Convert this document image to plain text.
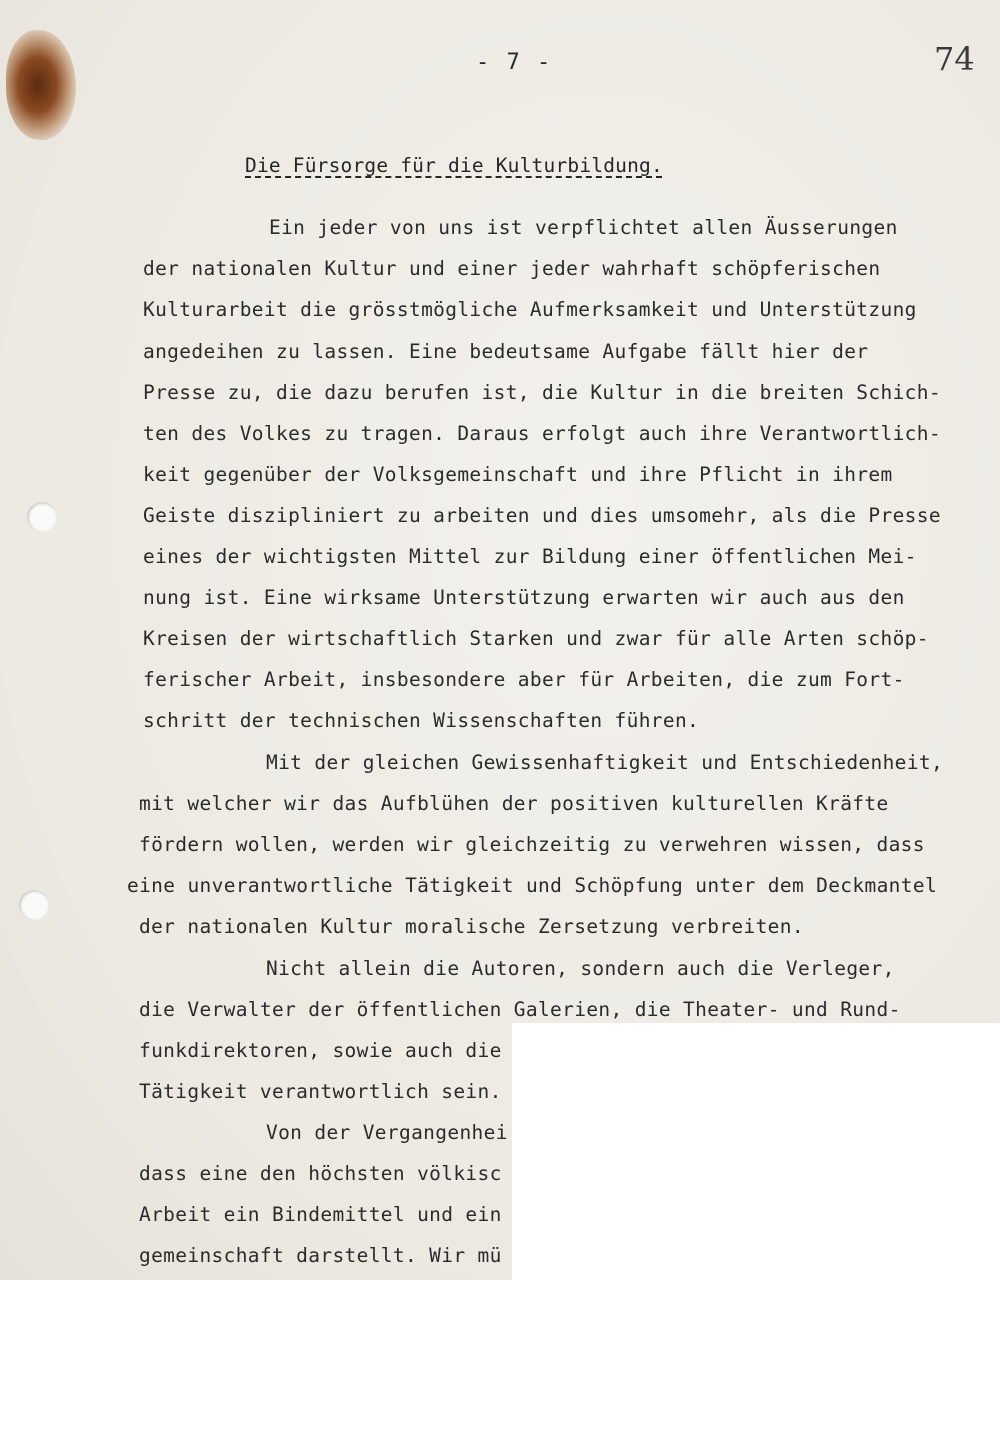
- 7 -	74
Die Fürsorge für die Kulturbildung.
Ein jeder von uns ist verpflichtet allen Äusserungen
der nationalen Kultur und einer jeder wahrhaft schöpferischen
Kulturarbeit die grösstmögliche Aufmerksamkeit und Unterstützung
angedeihen zu lassen. Eine bedeutsame Aufgabe fällt hier der
Presse zu, die dazu berufen ist, die Kultur in die breiten Schich-
ten des Volkes zu tragen. Daraus erfolgt auch ihre Verantwortlich-
keit gegenüber der Volksgemeinschaft und ihre Pflicht in ihrem
Geiste diszipliniert zu arbeiten und dies umsomehr, als die Presse
eines der wichtigsten Mittel zur Bildung einer öffentlichen Mei-
nung ist. Eine wirksame Unterstützung erwarten wir auch aus den
Kreisen der wirtschaftlich Starken und zwar für alle Arten schöp-
ferischer Arbeit, insbesondere aber für Arbeiten, die zum Fort-
schritt der technischen Wissenschaften führen.
Mit der gleichen Gewissenhaftigkeit und Entschiedenheit,
mit welcher wir das Aufblühen der positiven kulturellen Kräfte
fördern wollen, werden wir gleichzeitig zu verwehren wissen, dass
eine unverantwortliche Tätigkeit und Schöpfung unter dem Deckmantel
der nationalen Kultur moralische Zersetzung verbreiten.
Nicht allein die Autoren, sondern auch die Verleger,
die Verwalter der öffentlichen Galerien, die Theater- und Rund-
funkdirektoren, sowie auch die
Tätigkeit verantwortlich sein.
Von der Vergangenhei
dass eine den höchsten völkisc
Arbeit ein Bindemittel und ein
gemeinschaft darstellt. Wir mü
